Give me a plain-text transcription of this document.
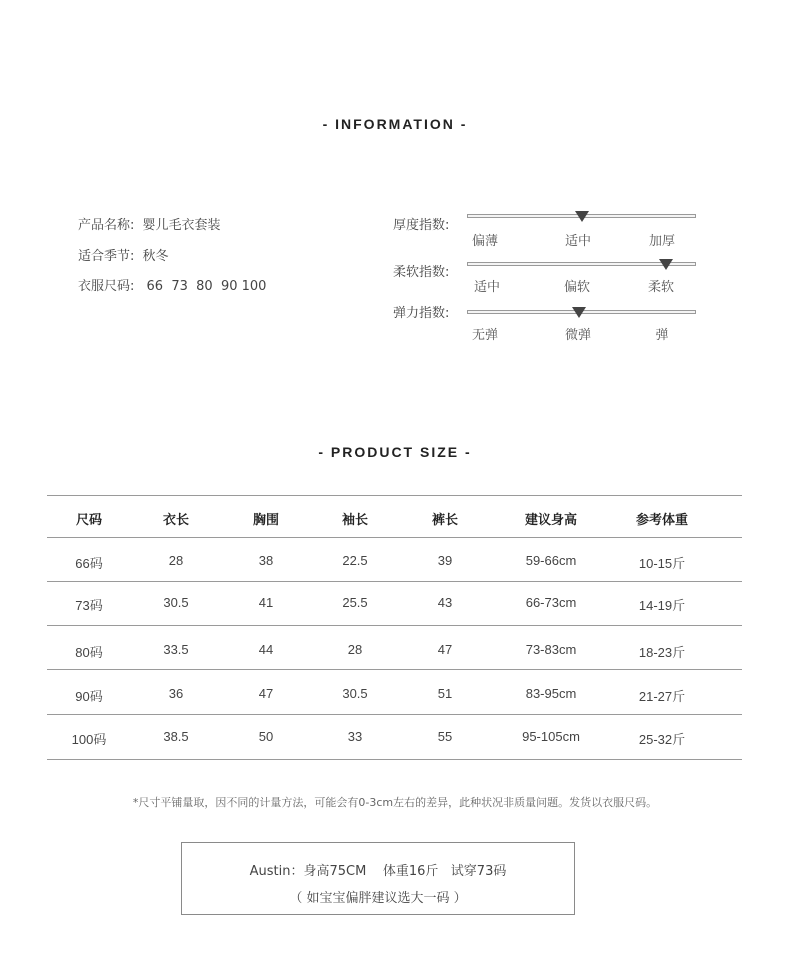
- INFORMATION -
产品名称: 婴儿毛衣套装
适合季节: 秋冬
衣服尺码: 66  73  80  90 100
厚度指数:
偏薄	适中	加厚
柔软指数:
适中	偏软	柔软
弹力指数:
无弹	微弹	弹
- PRODUCT SIZE -
尺码	衣长	胸围	袖长	裤长	建议身高	参考体重
66码	28	38	22.5	39	59-66cm	10-15斤
73码	30.5	41	25.5	43	66-73cm	14-19斤
80码	33.5	44	28	47	73-83cm	18-23斤
90码	36	47	30.5	51	83-95cm	21-27斤
100码	38.5	50	33	55	95-105cm	25-32斤
*尺寸平铺量取，因不同的计量方法，可能会有0-3cm左右的差异，此种状况非质量问题。发货以衣服尺码。
Austin：身高75CM    体重16斤   试穿73码
（ 如宝宝偏胖建议选大一码 ）
